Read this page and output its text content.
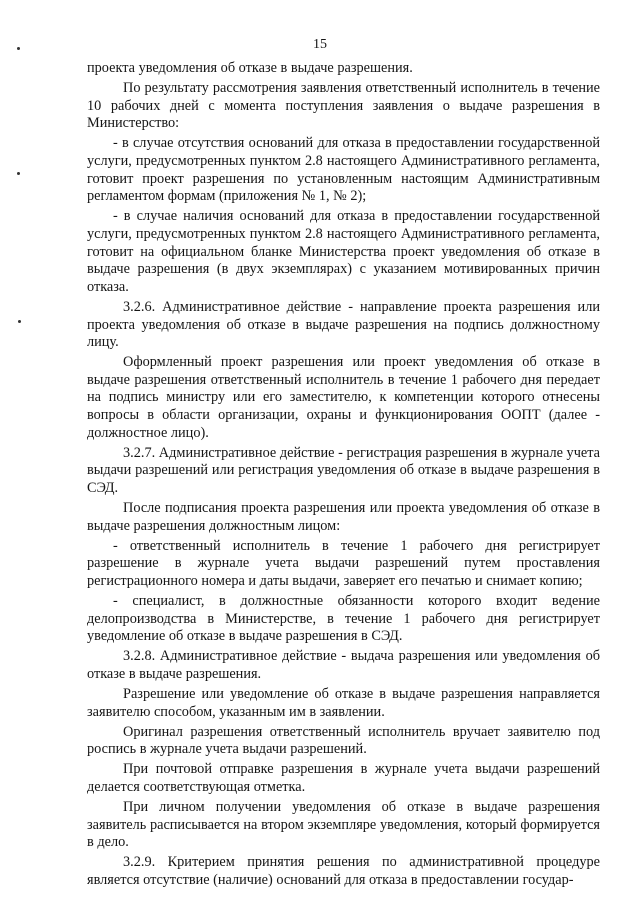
15

проекта уведомления об отказе в выдаче разрешения.

По результату рассмотрения заявления ответственный исполнитель в течение 10 рабочих дней с момента поступления заявления о выдаче разрешения в Министерство:

- в случае отсутствия оснований для отказа в предоставлении государственной услуги, предусмотренных пунктом 2.8 настоящего Административного регламента, готовит проект разрешения по установленным настоящим Административным регламентом формам (приложения № 1, № 2);

- в случае наличия оснований для отказа в предоставлении государственной услуги, предусмотренных пунктом 2.8 настоящего Административного регламента, готовит на официальном бланке Министерства проект уведомления об отказе в выдаче разрешения (в двух экземплярах) с указанием мотивированных причин отказа.

3.2.6. Административное действие - направление проекта разрешения или проекта уведомления об отказе в выдаче разрешения на подпись должностному лицу.

Оформленный проект разрешения или проект уведомления об отказе в выдаче разрешения ответственный исполнитель в течение 1 рабочего дня передает на подпись министру или его заместителю, к компетенции которого отнесены вопросы в области организации, охраны и функционирования ООПТ (далее - должностное лицо).

3.2.7. Административное действие - регистрация разрешения в журнале учета выдачи разрешений или регистрация уведомления об отказе в выдаче разрешения в СЭД.

После подписания проекта разрешения или проекта уведомления об отказе в выдаче разрешения должностным лицом:

- ответственный исполнитель в течение 1 рабочего дня регистрирует разрешение в журнале учета выдачи разрешений путем проставления регистрационного номера и даты выдачи, заверяет его печатью и снимает копию;

- специалист, в должностные обязанности которого входит ведение делопроизводства в Министерстве, в течение 1 рабочего дня регистрирует уведомление об отказе в выдаче разрешения в СЭД.

3.2.8. Административное действие - выдача разрешения или уведомления об отказе в выдаче разрешения.

Разрешение или уведомление об отказе в выдаче разрешения направляется заявителю способом, указанным им в заявлении.

Оригинал разрешения ответственный исполнитель вручает заявителю под роспись в журнале учета выдачи разрешений.

При почтовой отправке разрешения в журнале учета выдачи разрешений делается соответствующая отметка.

При личном получении уведомления об отказе в выдаче разрешения заявитель расписывается на втором экземпляре уведомления, который формируется в дело.

3.2.9. Критерием принятия решения по административной процедуре является отсутствие (наличие) оснований для отказа в предоставлении государ-
